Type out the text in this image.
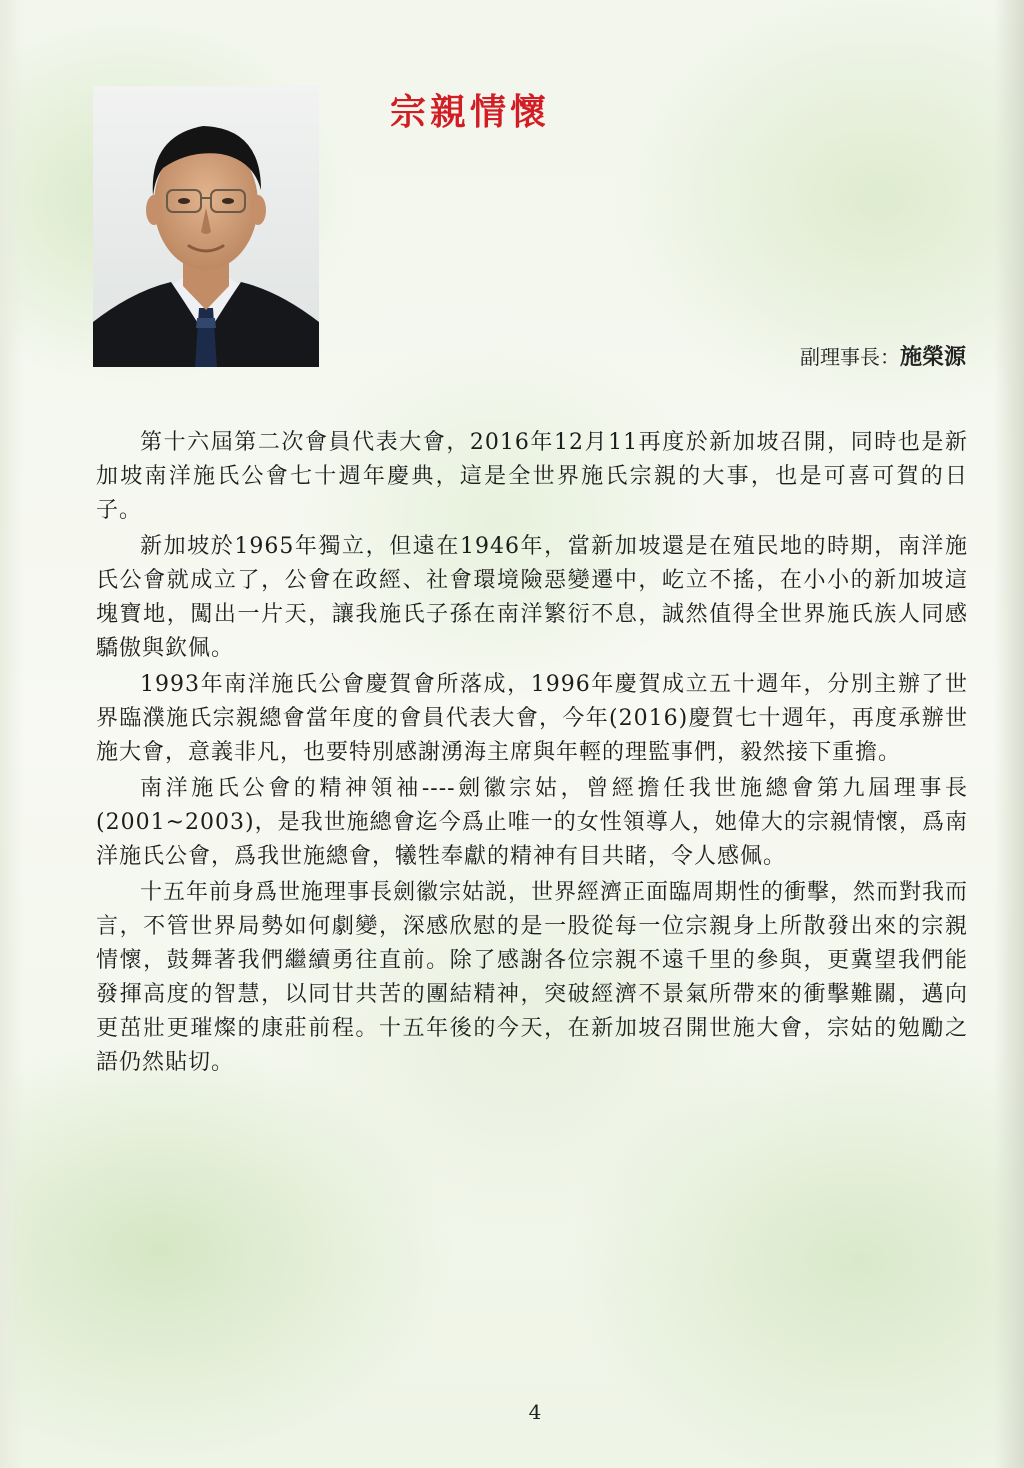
宗親情懷
副理事長：施榮源

第十六屆第二次會員代表大會，2016年12月11再度於新加坡召開，同時也是新加坡南洋施氏公會七十週年慶典，這是全世界施氏宗親的大事，也是可喜可賀的日子。

新加坡於1965年獨立，但遠在1946年，當新加坡還是在殖民地的時期，南洋施氏公會就成立了，公會在政經、社會環境險惡變遷中，屹立不搖，在小小的新加坡這塊寶地，闖出一片天，讓我施氏子孫在南洋繁衍不息，誠然值得全世界施氏族人同感驕傲與欽佩。

1993年南洋施氏公會慶賀會所落成，1996年慶賀成立五十週年，分別主辦了世界臨濮施氏宗親總會當年度的會員代表大會，今年(2016)慶賀七十週年，再度承辦世施大會，意義非凡，也要特別感謝湧海主席與年輕的理監事們，毅然接下重擔。

南洋施氏公會的精神領袖----劍徽宗姑，曾經擔任我世施總會第九屆理事長(2001~2003)，是我世施總會迄今爲止唯一的女性領導人，她偉大的宗親情懷，爲南洋施氏公會，爲我世施總會，犧牲奉獻的精神有目共睹，令人感佩。

十五年前身爲世施理事長劍徽宗姑説，世界經濟正面臨周期性的衝擊，然而對我而言，不管世界局勢如何劇變，深感欣慰的是一股從每一位宗親身上所散發出來的宗親情懷，鼓舞著我們繼續勇往直前。除了感謝各位宗親不遠千里的參與，更冀望我們能發揮高度的智慧，以同甘共苦的團結精神，突破經濟不景氣所帶來的衝擊難關，邁向更茁壯更璀燦的康莊前程。十五年後的今天，在新加坡召開世施大會，宗姑的勉勵之語仍然貼切。

4
